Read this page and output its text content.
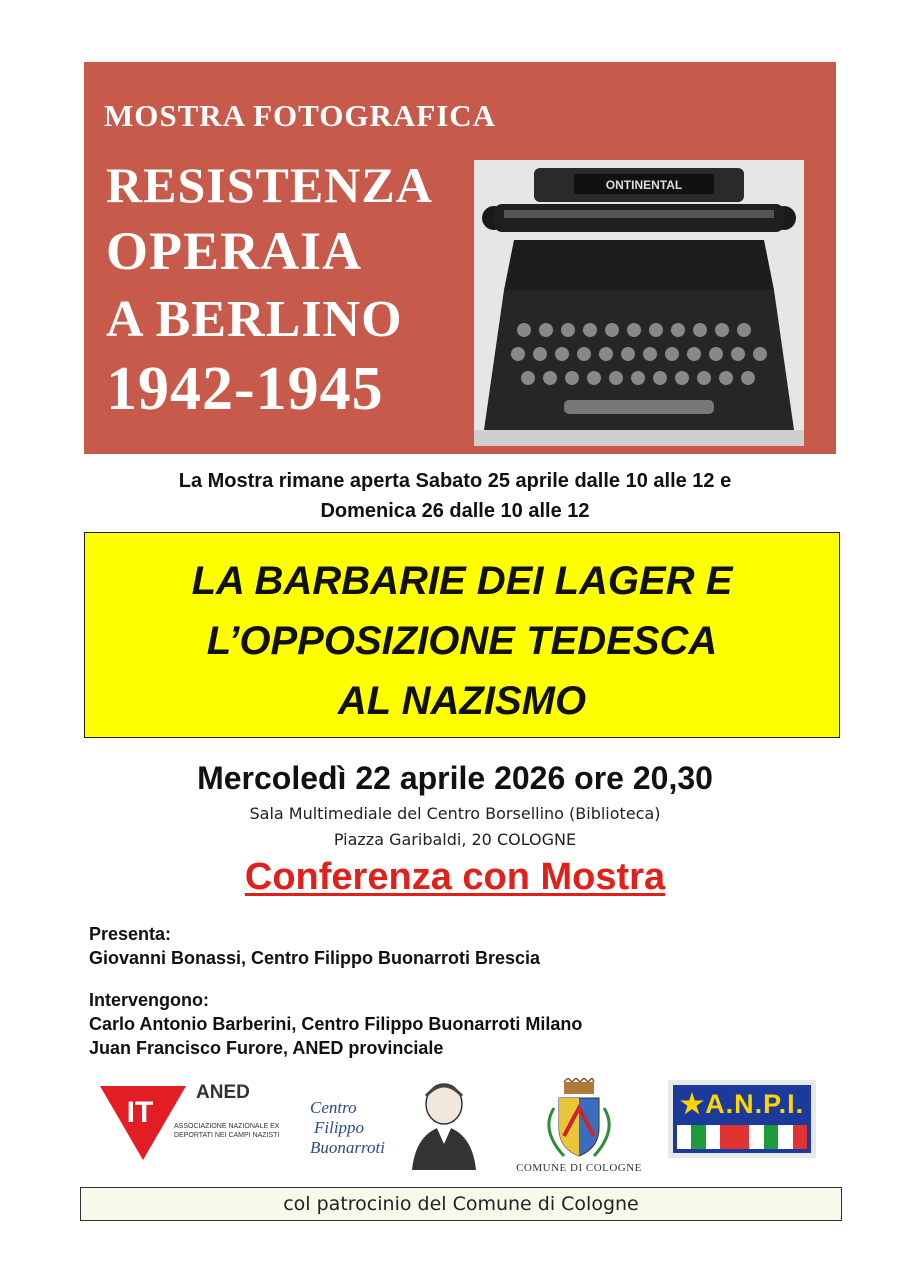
MOSTRA FOTOGRAFICA
RESISTENZA
OPERAIA
A BERLINO
1942-1945
ONTINENTAL
La Mostra rimane aperta Sabato 25 aprile dalle 10 alle 12 e
Domenica 26 dalle 10 alle 12
LA BARBARIE DEI LAGER E
L’OPPOSIZIONE TEDESCA
AL NAZISMO
Mercoledì 22 aprile 2026 ore 20,30
Sala Multimediale del Centro Borsellino (Biblioteca)
Piazza Garibaldi, 20 COLOGNE
Conferenza con Mostra
Presenta:
Giovanni Bonassi, Centro Filippo Buonarroti Brescia
Intervengono:
Carlo Antonio Barberini, Centro Filippo Buonarroti Milano
Juan Francisco Furore, ANED provinciale
IT
ANED
ASSOCIAZIONE NAZIONALE EX DEPORTATI NEI CAMPI NAZISTI
Centro
Filippo
Buonarroti
COMUNE DI COLOGNE
★A.N.P.I.
col patrocinio del Comune di Cologne
